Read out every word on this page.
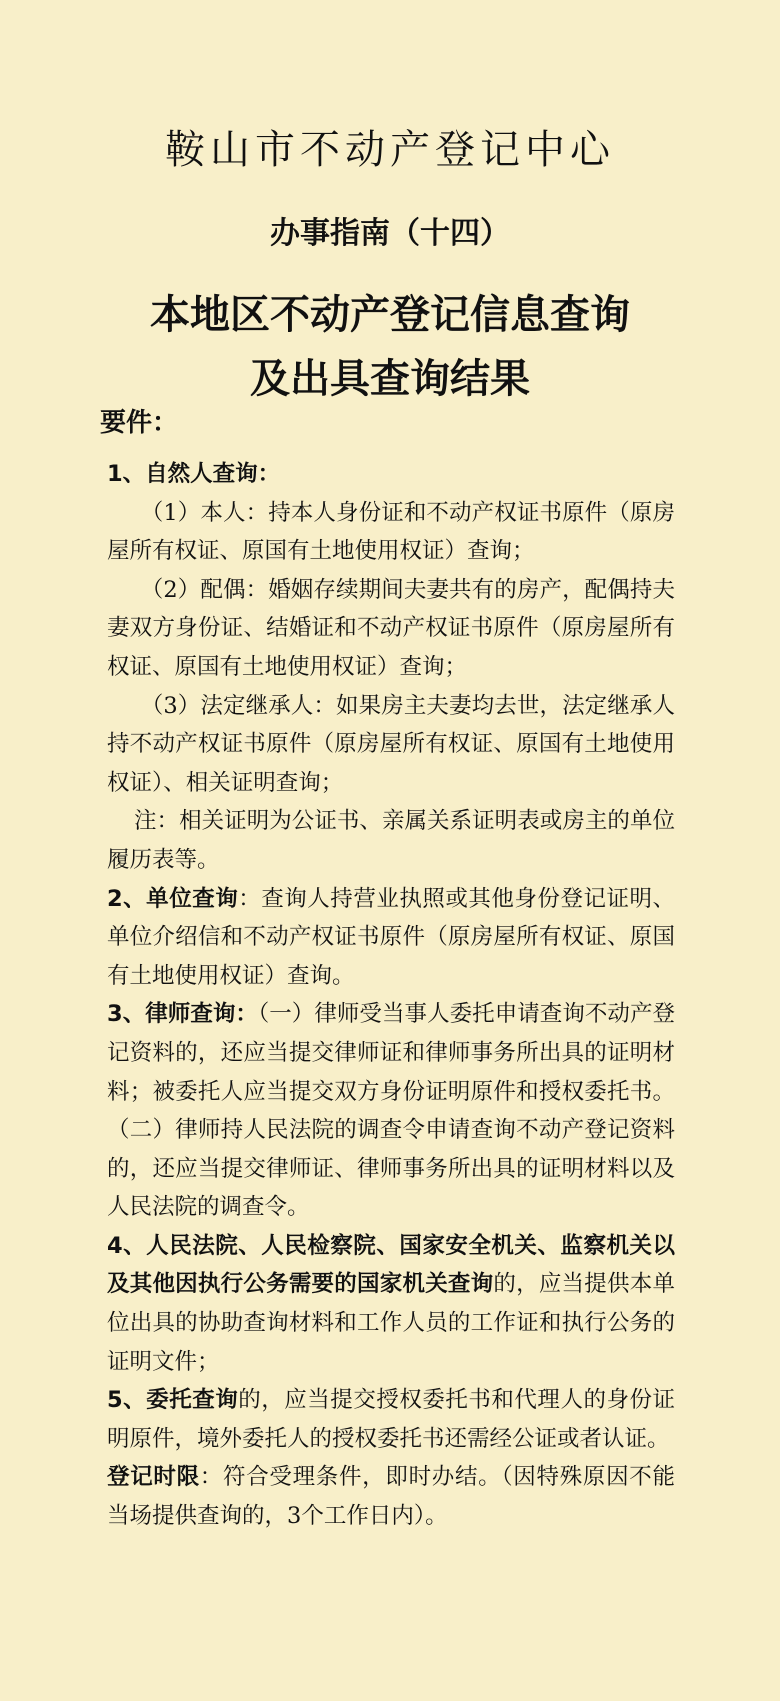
鞍山市不动产登记中心
办事指南（十四）
本地区不动产登记信息查询
及出具查询结果
要件：

1、自然人查询：

（1）本人：持本人身份证和不动产权证书原件（原房屋所有权证、原国有土地使用权证）查询；

（2）配偶：婚姻存续期间夫妻共有的房产，配偶持夫妻双方身份证、结婚证和不动产权证书原件（原房屋所有权证、原国有土地使用权证）查询；

（3）法定继承人：如果房主夫妻均去世，法定继承人持不动产权证书原件（原房屋所有权证、原国有土地使用权证）、相关证明查询；

注：相关证明为公证书、亲属关系证明表或房主的单位履历表等。

2、单位查询：查询人持营业执照或其他身份登记证明、单位介绍信和不动产权证书原件（原房屋所有权证、原国有土地使用权证）查询。

3、律师查询：（一）律师受当事人委托申请查询不动产登记资料的，还应当提交律师证和律师事务所出具的证明材料；被委托人应当提交双方身份证明原件和授权委托书。（二）律师持人民法院的调查令申请查询不动产登记资料的，还应当提交律师证、律师事务所出具的证明材料以及人民法院的调查令。

4、人民法院、人民检察院、国家安全机关、监察机关以及其他因执行公务需要的国家机关查询的，应当提供本单位出具的协助查询材料和工作人员的工作证和执行公务的证明文件；

5、委托查询的，应当提交授权委托书和代理人的身份证明原件，境外委托人的授权委托书还需经公证或者认证。

登记时限：符合受理条件，即时办结。（因特殊原因不能当场提供查询的，3个工作日内）。
